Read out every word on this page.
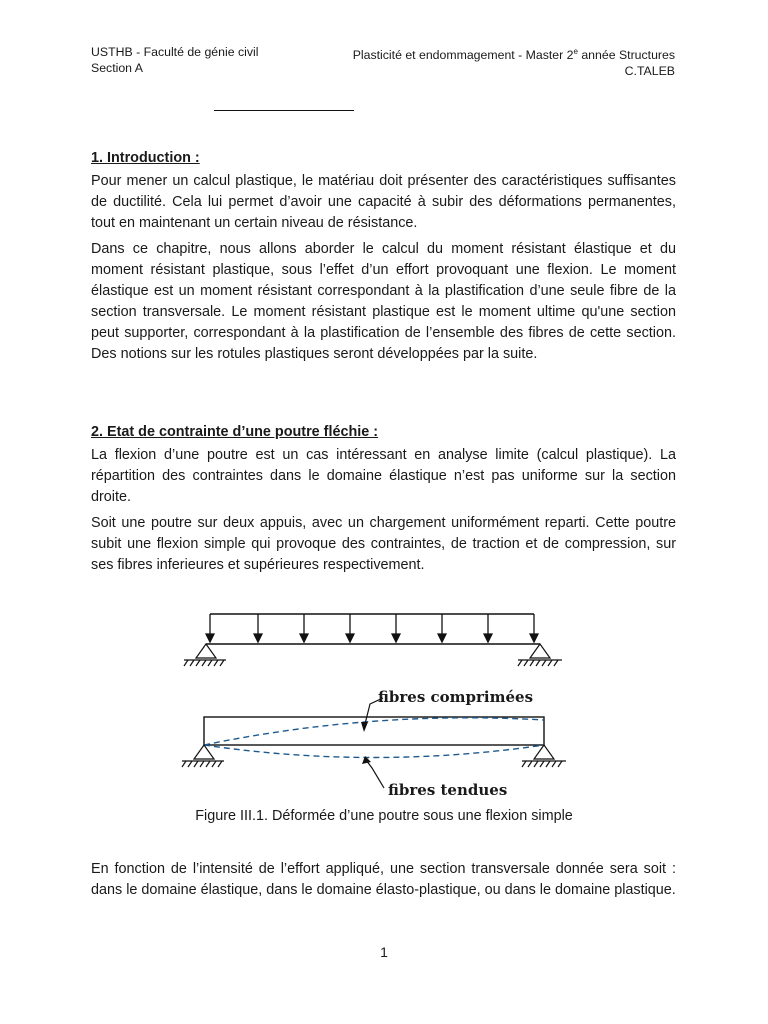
USTHB - Faculté de génie civil
Section A
Plasticité et endommagement - Master 2e année Structures
C.TALEB
1. Introduction :

Pour mener un calcul plastique, le matériau doit présenter des caractéristiques suffisantes de ductilité. Cela lui permet d’avoir une capacité à subir des déformations permanentes, tout en maintenant un certain niveau de résistance.

Dans ce chapitre, nous allons aborder le calcul du moment résistant élastique et du moment résistant plastique, sous l’effet d’un effort provoquant une flexion. Le moment élastique est un moment résistant correspondant à la plastification d’une seule fibre de la section transversale. Le moment résistant plastique est le moment ultime qu'une section peut supporter, correspondant à la plastification de l’ensemble des fibres de cette section. Des notions sur les rotules plastiques seront développées par la suite.

2. Etat de contrainte d’une poutre fléchie :

La flexion d’une poutre est un cas intéressant en analyse limite (calcul plastique). La répartition des contraintes dans le domaine élastique n’est pas uniforme sur la section droite.

Soit une poutre sur deux appuis, avec un chargement uniformément reparti. Cette poutre subit une flexion simple qui provoque des contraintes, de traction et de compression, sur ses fibres inferieures et supérieures respectivement.

fibres comprimées
fibres tendues
Figure III.1. Déformée d’une poutre sous une flexion simple

En fonction de l’intensité de l’effort appliqué, une section transversale donnée sera soit : dans le domaine élastique, dans le domaine élasto-plastique, ou dans le domaine plastique.

1
